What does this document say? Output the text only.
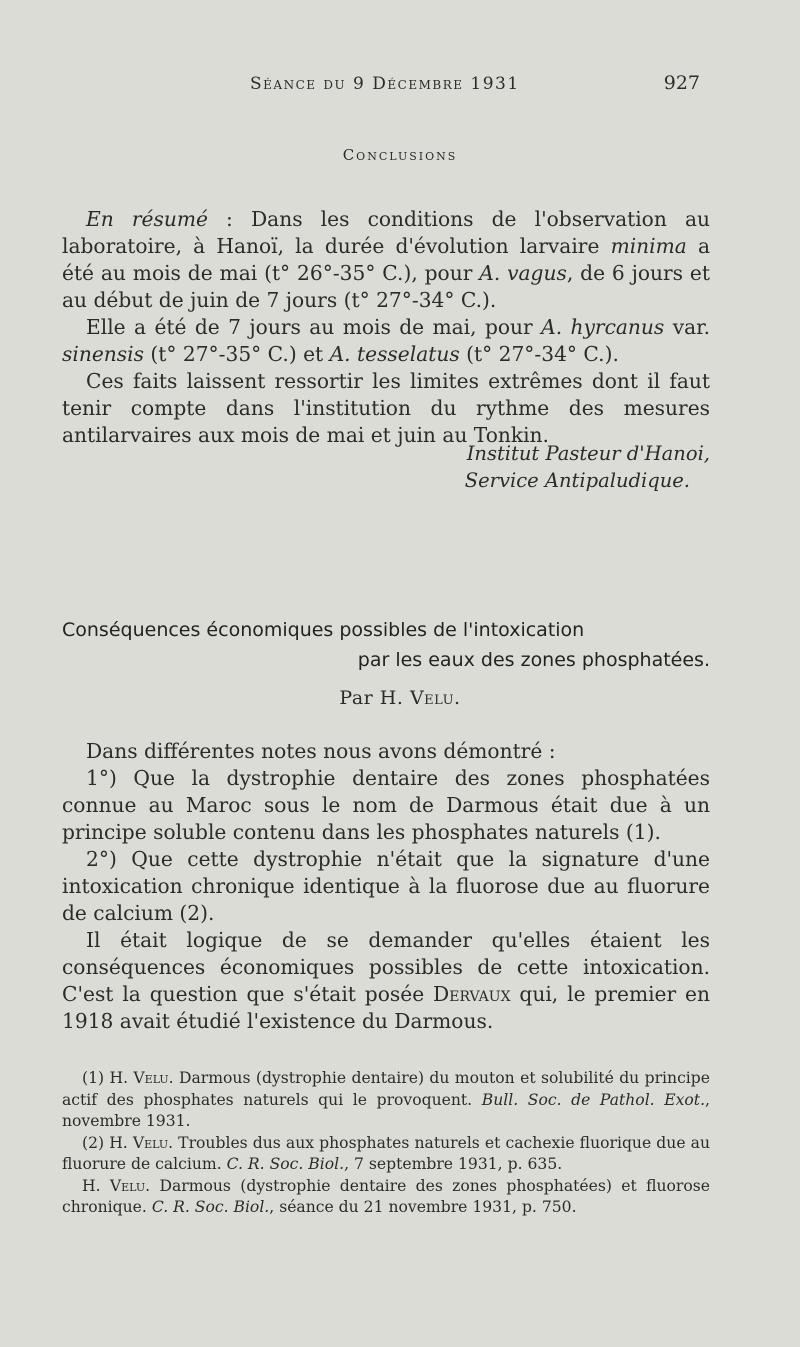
Séance du 9 Décembre 1931	927
Conclusions

En résumé : Dans les conditions de l'observation au laboratoire, à Hanoï, la durée d'évolution larvaire minima a été au mois de mai (t° 26°-35° C.), pour A. vagus, de 6 jours et au début de juin de 7 jours (t° 27°-34° C.).

Elle a été de 7 jours au mois de mai, pour A. hyrcanus var. sinensis (t° 27°-35° C.) et A. tesselatus (t° 27°-34° C.).

Ces faits laissent ressortir les limites extrêmes dont il faut tenir compte dans l'institution du rythme des mesures antilarvaires aux mois de mai et juin au Tonkin.

Institut Pasteur d'Hanoi,
Service Antipaludique.
Conséquences économiques possibles de l'intoxication
par les eaux des zones phosphatées.
Par H. Velu.

Dans différentes notes nous avons démontré :

1°) Que la dystrophie dentaire des zones phosphatées connue au Maroc sous le nom de Darmous était due à un principe soluble contenu dans les phosphates naturels (1).

2°) Que cette dystrophie n'était que la signature d'une intoxication chronique identique à la fluorose due au fluorure de calcium (2).

Il était logique de se demander qu'elles étaient les conséquences économiques possibles de cette intoxication. C'est la question que s'était posée Dervaux qui, le premier en 1918 avait étudié l'existence du Darmous.

(1) H. Velu. Darmous (dystrophie dentaire) du mouton et solubilité du principe actif des phosphates naturels qui le provoquent. Bull. Soc. de Pathol. Exot., novembre 1931.

(2) H. Velu. Troubles dus aux phosphates naturels et cachexie fluorique due au fluorure de calcium. C. R. Soc. Biol., 7 septembre 1931, p. 635.

H. Velu. Darmous (dystrophie dentaire des zones phosphatées) et fluorose chronique. C. R. Soc. Biol., séance du 21 novembre 1931, p. 750.
